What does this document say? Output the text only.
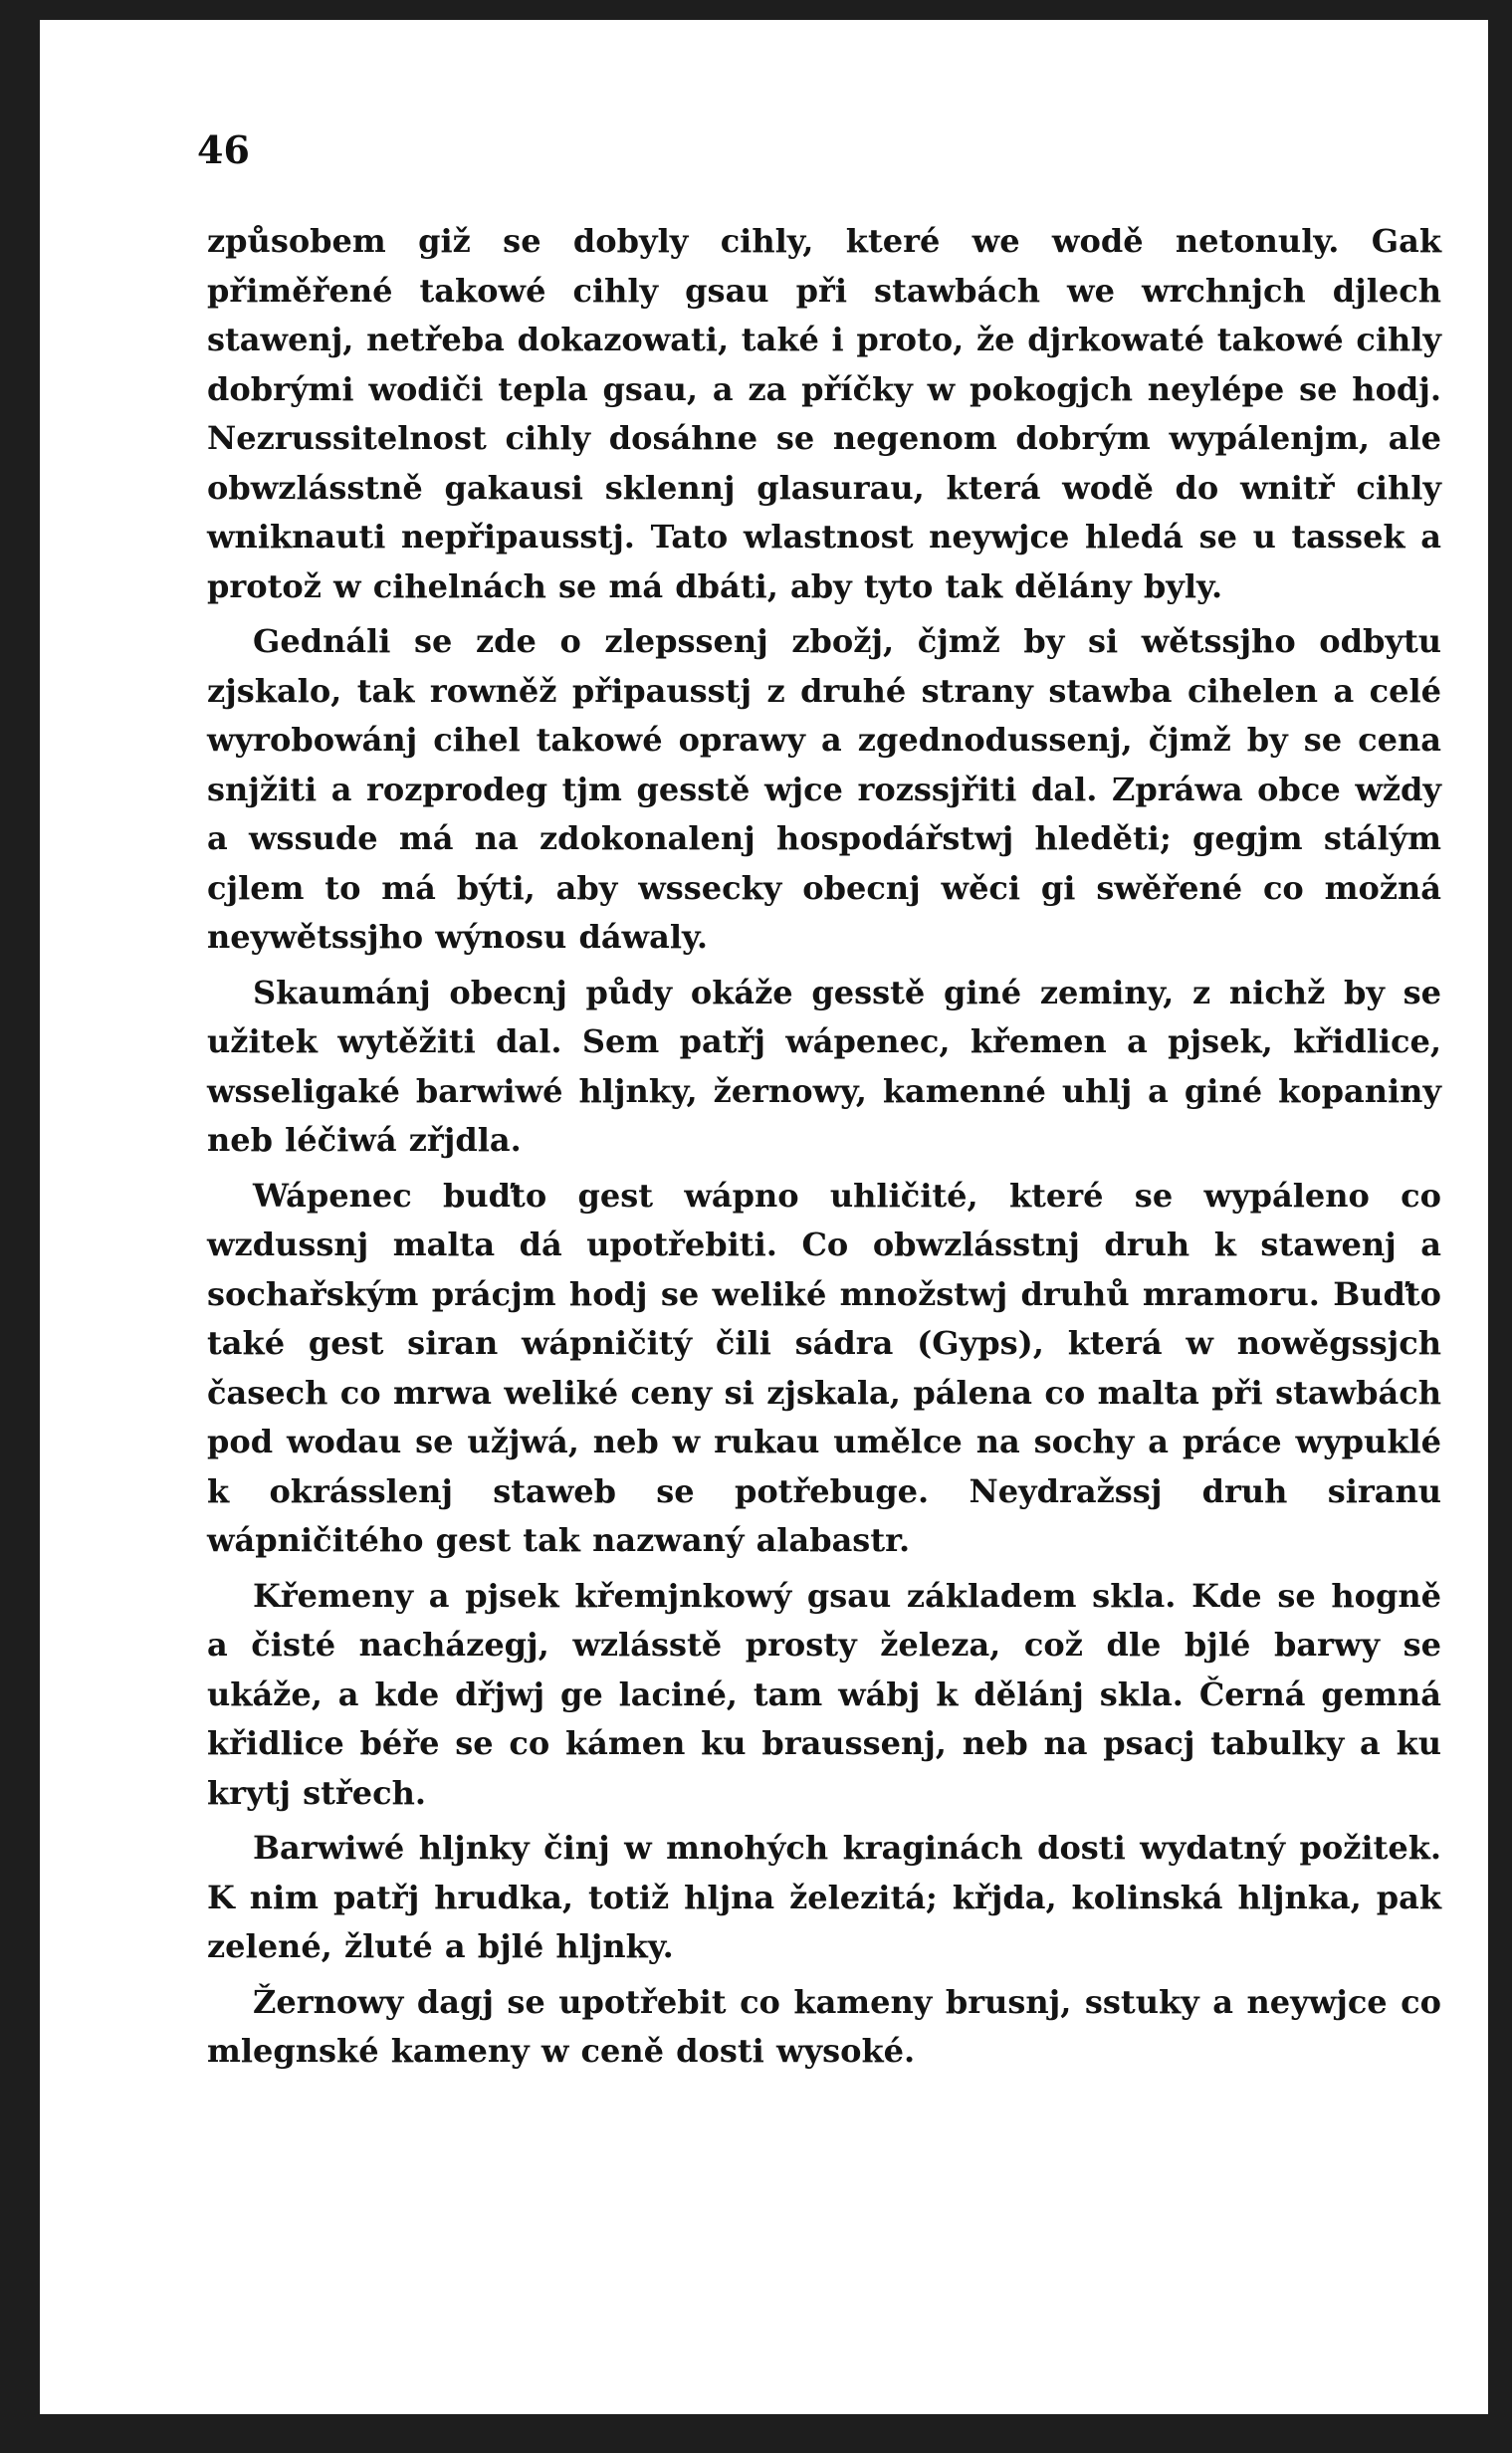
46

způsobem giž se dobyly cihly, které we wodě netonuly. Gak přiměřené takowé cihly gsau při stawbách we wrchnjch djlech stawenj, netřeba dokazowati, také i proto, že djrkowaté takowé cihly dobrými wodiči tepla gsau, a za příčky w pokogjch neylépe se hodj. Nezrussitelnost cihly dosáhne se negenom dobrým wypálenjm, ale obwzlásstně gakausi sklennj glasurau, která wodě do wnitř cihly wniknauti nepřipausstj. Tato wlastnost neywjce hledá se u tassek a protož w cihelnách se má dbáti, aby tyto tak dělány byly.

Gednáli se zde o zlepssenj zbožj, čjmž by si wětssjho odbytu zjskalo, tak rowněž připausstj z druhé strany stawba cihelen a celé wyrobowánj cihel takowé oprawy a zgednodussenj, čjmž by se cena snjžiti a rozprodeg tjm gesstě wjce rozssjřiti dal. Zpráwa obce wždy a wssude má na zdokonalenj hospodářstwj hleděti; gegjm stálým cjlem to má býti, aby wssecky obecnj wěci gi swěřené co možná neywětssjho wýnosu dáwaly.

Skaumánj obecnj půdy okáže gesstě giné zeminy, z nichž by se užitek wytěžiti dal. Sem patřj wápenec, křemen a pjsek, křidlice, wsseligaké barwiwé hljnky, žernowy, kamenné uhlj a giné kopaniny neb léčiwá zřjdla.

Wápenec buďto gest wápno uhličité, které se wypáleno co wzdussnj malta dá upotřebiti. Co obwzlásstnj druh k stawenj a sochařským prácjm hodj se weliké množstwj druhů mramoru. Buďto také gest siran wápničitý čili sádra (Gyps), která w nowěgssjch časech co mrwa weliké ceny si zjskala, pálena co malta při stawbách pod wodau se užjwá, neb w rukau umělce na sochy a práce wypuklé k okrásslenj staweb se potřebuge. Neydražssj druh siranu wápničitého gest tak nazwaný alabastr.

Křemeny a pjsek křemjnkowý gsau základem skla. Kde se hogně a čisté nacházegj, wzlásstě prosty železa, což dle bjlé barwy se ukáže, a kde dřjwj ge laciné, tam wábj k dělánj skla. Černá gemná křidlice béře se co kámen ku braussenj, neb na psacj tabulky a ku krytj střech.

Barwiwé hljnky činj w mnohých kraginách dosti wydatný požitek. K nim patřj hrudka, totiž hljna železitá; křjda, kolinská hljnka, pak zelené, žluté a bjlé hljnky.

Žernowy dagj se upotřebit co kameny brusnj, sstuky a neywjce co mlegnské kameny w ceně dosti wysoké.
